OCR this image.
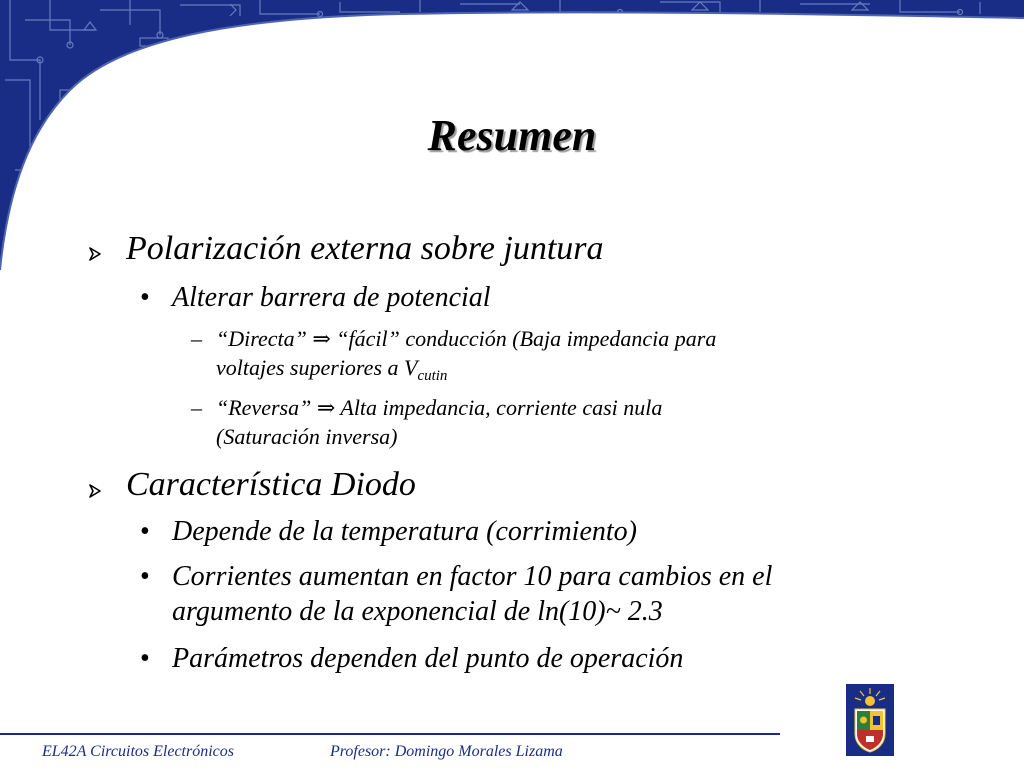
Resumen
Polarización externa sobre juntura
• Alterar barrera de potencial
– “Directa” ⇒ “fácil” conducción (Baja impedancia para
voltajes superiores a $V_{cutin}$
– “Reversa” ⇒ Alta impedancia, corriente casi nula
(Saturación inversa)
Característica Diodo
• Depende de la temperatura (corrimiento)
• Corrientes aumentan en factor 10 para cambios en el
argumento de la exponencial de ln(10)~ 2.3
• Parámetros dependen del punto de operación
EL42A Circuitos Electrónicos	Profesor: Domingo Morales Lizama
